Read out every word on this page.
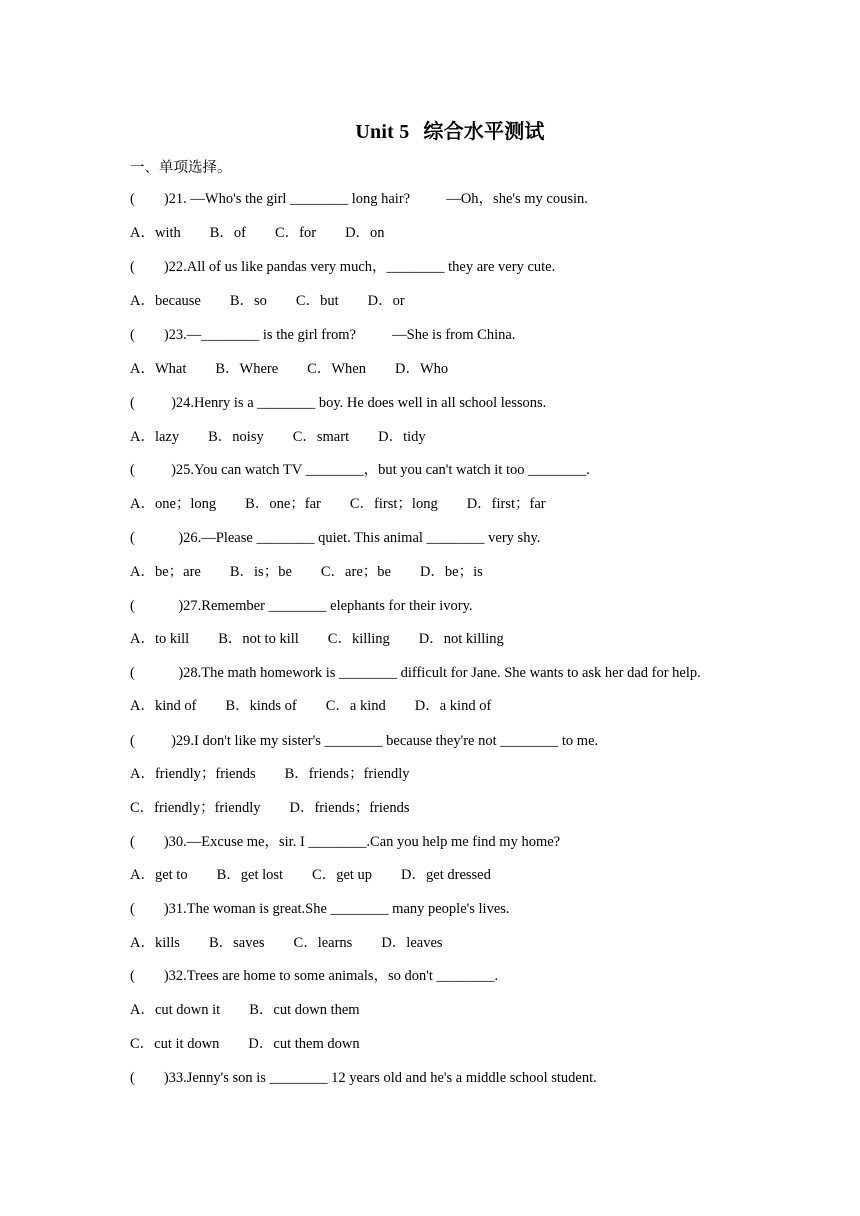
Unit 5 综合水平测试
一、单项选择。
(        )21. —Who's the girl ________ long hair?          —Oh，she's my cousin.
A．with        B．of        C．for        D．on
(        )22.All of us like pandas very much，________ they are very cute.
A．because        B．so        C．but        D．or
(        )23.—________ is the girl from?          —She is from China.
A．What        B．Where        C．When        D．Who
(          )24.Henry is a ________ boy. He does well in all school lessons.
A．lazy        B．noisy        C．smart        D．tidy
(          )25.You can watch TV ________，but you can't watch it too ________.
A．one；long        B．one；far        C．first；long        D．first；far
(            )26.—Please ________ quiet. This animal ________ very shy.
A．be；are        B．is；be        C．are；be        D．be；is
(            )27.Remember ________ elephants for their ivory.
A．to kill        B．not to kill        C．killing        D．not killing
(            )28.The math homework is ________ difficult for Jane. She wants to ask her dad for help.
A．kind of        B．kinds of        C．a kind        D．a kind of
(          )29.I don't like my sister's ________ because they're not ________ to me.
A．friendly；friends        B．friends；friendly
C．friendly；friendly        D．friends；friends
(        )30.—Excuse me，sir. I ________.Can you help me find my home?
A．get to        B．get lost        C．get up        D．get dressed
(        )31.The woman is great.She ________ many people's lives.
A．kills        B．saves        C．learns        D．leaves
(        )32.Trees are home to some animals，so don't ________.
A．cut down it        B．cut down them
C．cut it down        D．cut them down
(        )33.Jenny's son is ________ 12 years old and he's a middle school student.
